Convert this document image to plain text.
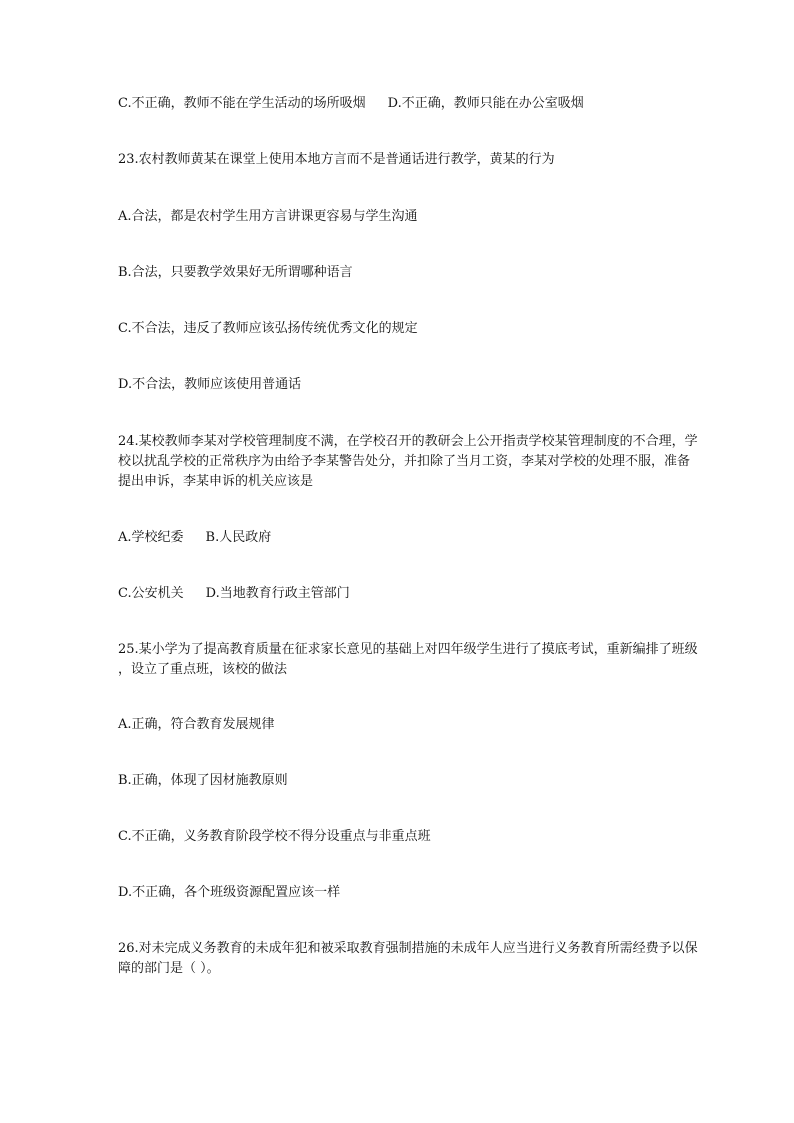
C.不正确，教师不能在学生活动的场所吸烟 D.不正确，教师只能在办公室吸烟
23.农村教师黄某在课堂上使用本地方言而不是普通话进行教学，黄某的行为
A.合法，都是农村学生用方言讲课更容易与学生沟通
B.合法，只要教学效果好无所谓哪种语言
C.不合法，违反了教师应该弘扬传统优秀文化的规定
D.不合法，教师应该使用普通话
24.某校教师李某对学校管理制度不满，在学校召开的教研会上公开指责学校某管理制度的不合理，学
校以扰乱学校的正常秩序为由给予李某警告处分，并扣除了当月工资，李某对学校的处理不服，准备
提出申诉，李某申诉的机关应该是
A.学校纪委 B.人民政府
C.公安机关 D.当地教育行政主管部门
25.某小学为了提高教育质量在征求家长意见的基础上对四年级学生进行了摸底考试，重新编排了班级
，设立了重点班，该校的做法
A.正确，符合教育发展规律
B.正确，体现了因材施教原则
C.不正确，义务教育阶段学校不得分设重点与非重点班
D.不正确，各个班级资源配置应该一样
26.对未完成义务教育的未成年犯和被采取教育强制措施的未成年人应当进行义务教育所需经费予以保
障的部门是（ ）。
